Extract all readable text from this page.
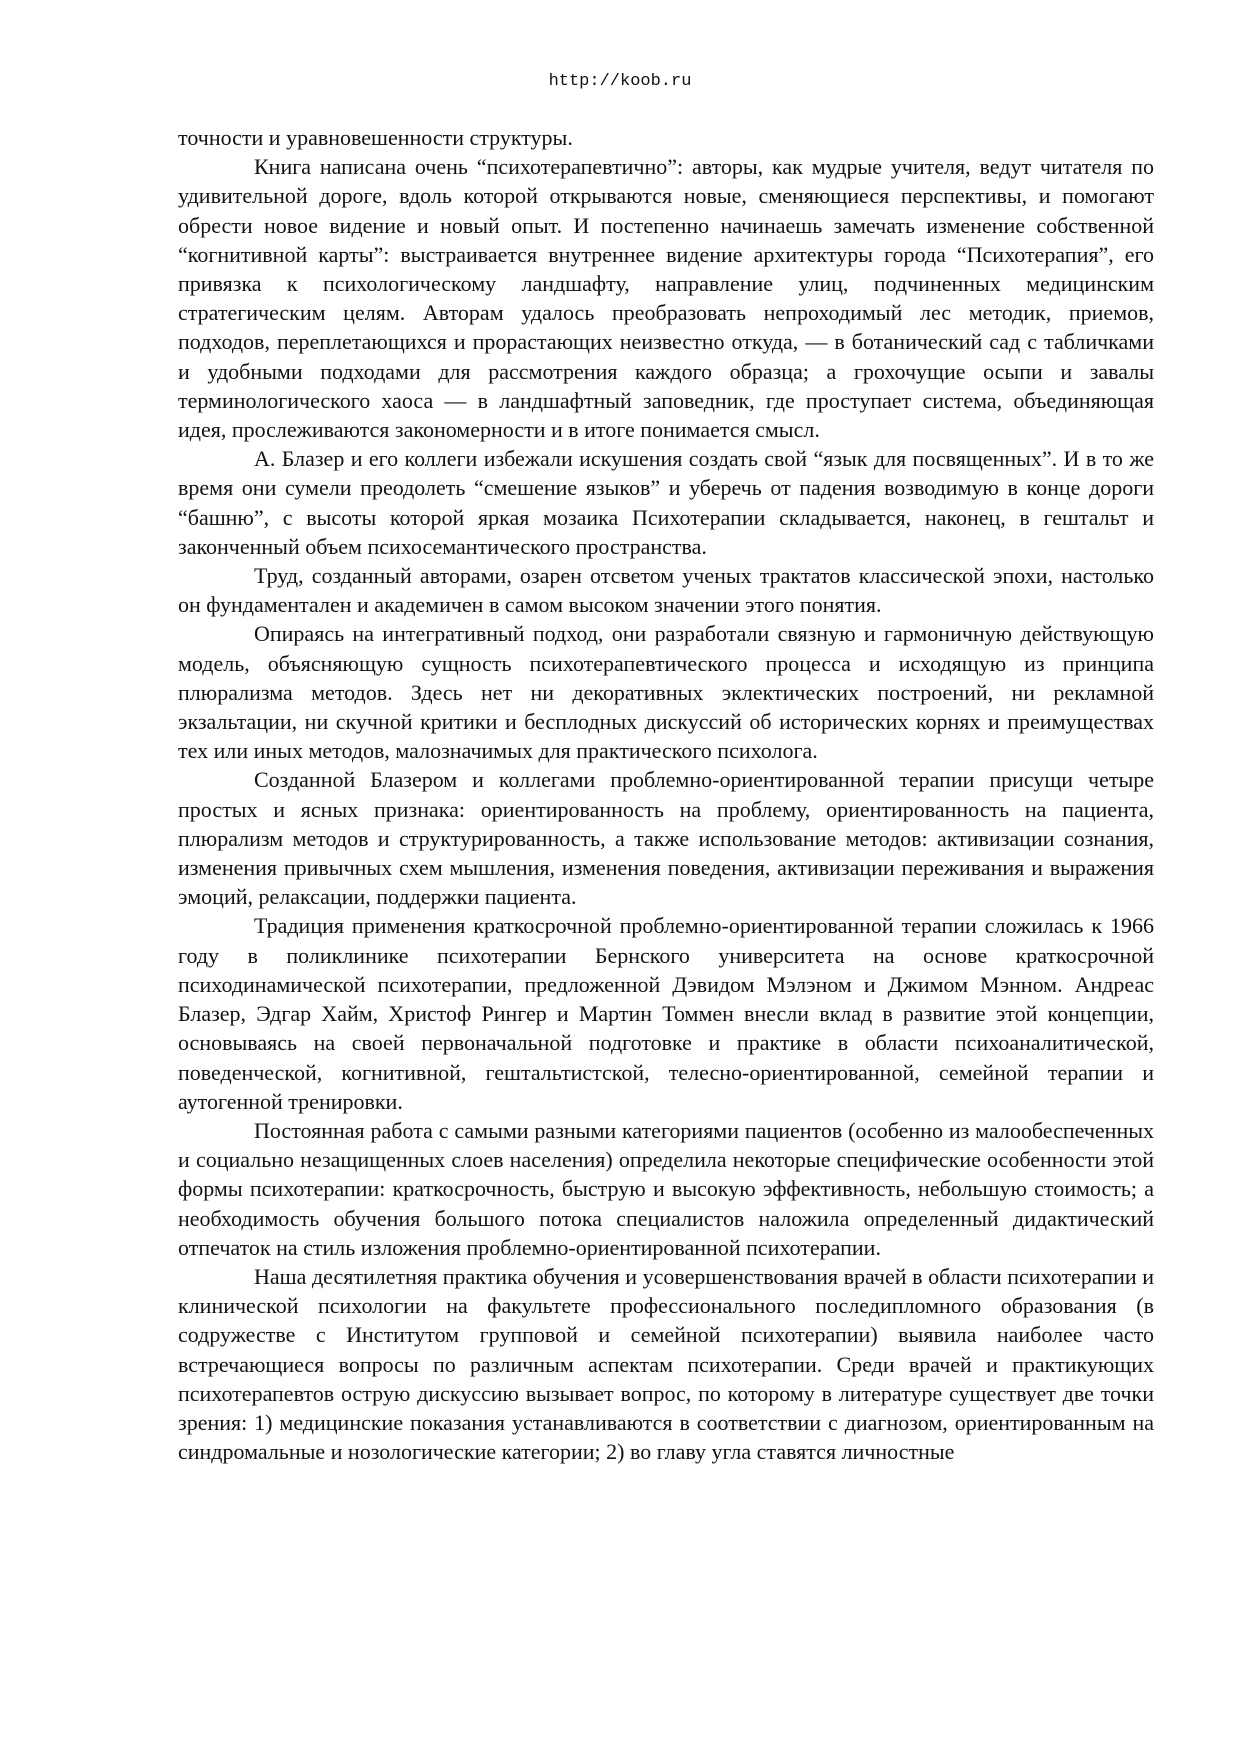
http://koob.ru

точности и уравновешенности структуры.

Книга написана очень “психотерапевтично”: авторы, как мудрые учителя, ведут читателя по удивительной дороге, вдоль которой открываются новые, сменяющиеся перспективы, и помогают обрести новое видение и новый опыт. И постепенно начинаешь замечать изменение собственной “когнитивной карты”: выстраивается внутреннее видение архитектуры города “Психотерапия”, его привязка к психологическому ландшафту, направление улиц, подчиненных медицинским стратегическим целям. Авторам удалось преобразовать непроходимый лес методик, приемов, подходов, переплетающихся и прорастающих неизвестно откуда, — в ботанический сад с табличками и удобными подходами для рассмотрения каждого образца; а грохочущие осыпи и завалы терминологического хаоса — в ландшафтный заповедник, где проступает система, объединяющая идея, прослеживаются закономерности и в итоге понимается смысл.

А. Блазер и его коллеги избежали искушения создать свой “язык для посвященных”. И в то же время они сумели преодолеть “смешение языков” и уберечь от падения возводимую в конце дороги “башню”, с высоты которой яркая мозаика Психотерапии складывается, наконец, в гештальт и законченный объем психосемантического пространства.

Труд, созданный авторами, озарен отсветом ученых трактатов классической эпохи, настолько он фундаментален и академичен в самом высоком значении этого понятия.

Опираясь на интегративный подход, они разработали связную и гармоничную действующую модель, объясняющую сущность психотерапевтического процесса и исходящую из принципа плюрализма методов. Здесь нет ни декоративных эклектических построений, ни рекламной экзальтации, ни скучной критики и бесплодных дискуссий об исторических корнях и преимуществах тех или иных методов, малозначимых для практического психолога.

Созданной Блазером и коллегами проблемно-ориентированной терапии присущи четыре простых и ясных признака: ориентированность на проблему, ориентированность на пациента, плюрализм методов и структурированность, а также использование методов: активизации сознания, изменения привычных схем мышления, изменения поведения, активизации переживания и выражения эмоций, релаксации, поддержки пациента.

Традиция применения краткосрочной проблемно-ориентированной терапии сложилась к 1966 году в поликлинике психотерапии Бернского университета на основе краткосрочной психодинамической психотерапии, предложенной Дэвидом Мэлэном и Джимом Мэнном. Андреас Блазер, Эдгар Хайм, Христоф Рингер и Мартин Томмен внесли вклад в развитие этой концепции, основываясь на своей первоначальной подготовке и практике в области психоаналитической, поведенческой, когнитивной, гештальтистской, телесно-ориентированной, семейной терапии и аутогенной тренировки.

Постоянная работа с самыми разными категориями пациентов (особенно из малообеспеченных и социально незащищенных слоев населения) определила некоторые специфические особенности этой формы психотерапии: краткосрочность, быструю и высокую эффективность, небольшую стоимость; а необходимость обучения большого потока специалистов наложила определенный дидактический отпечаток на стиль изложения проблемно-ориентированной психотерапии.

Наша десятилетняя практика обучения и усовершенствования врачей в области психотерапии и клинической психологии на факультете профессионального последипломного образования (в содружестве с Институтом групповой и семейной психотерапии) выявила наиболее часто встречающиеся вопросы по различным аспектам психотерапии. Среди врачей и практикующих психотерапевтов острую дискуссию вызывает вопрос, по которому в литературе существует две точки зрения: 1) медицинские показания устанавливаются в соответствии с диагнозом, ориентированным на синдромальные и нозологические категории; 2) во главу угла ставятся личностные
